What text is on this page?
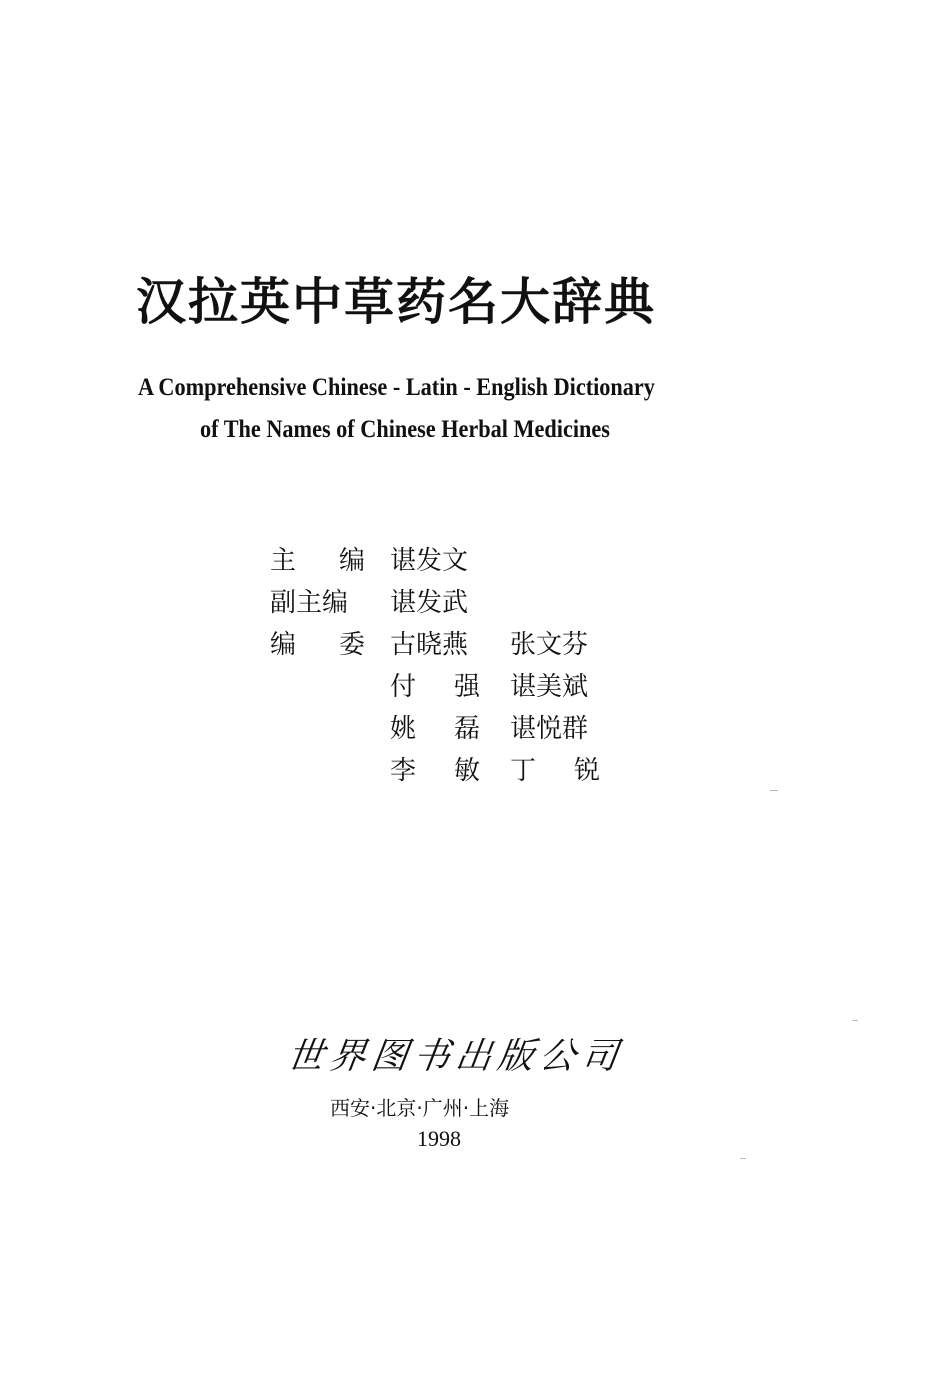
汉拉英中草药名大辞典
A Comprehensive Chinese - Latin - English Dictionary
of The Names of Chinese Herbal Medicines
主 编 谌发文
副主编	谌发武
编 委 古晓燕 张文芬
付 强 谌美斌
姚 磊 谌悦群
李 敏 丁 锐
世界图书出版公司
西安·北京·广州·上海
1998
